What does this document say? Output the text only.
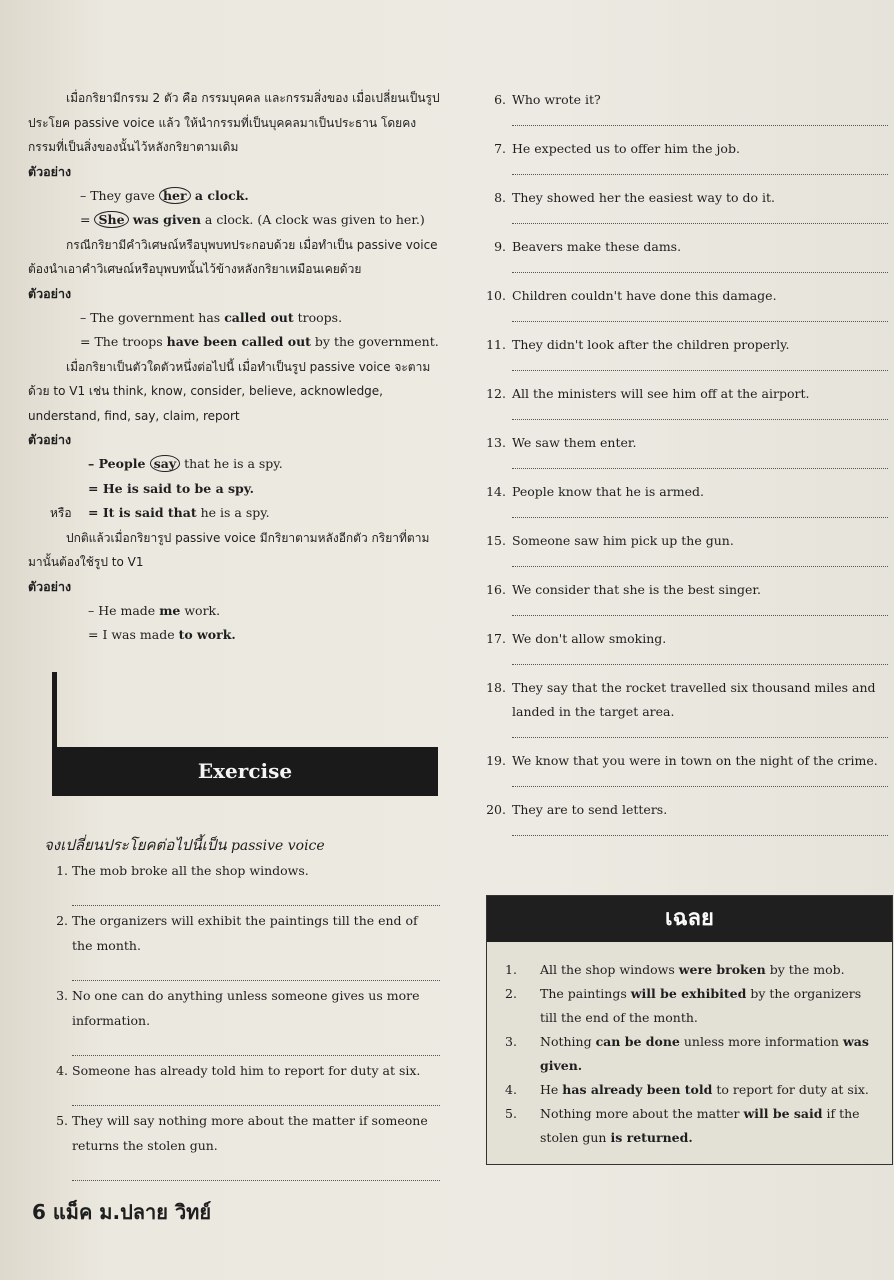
เมื่อกริยามีกรรม 2 ตัว คือ กรรมบุคคล และกรรมสิ่งของ เมื่อเปลี่ยนเป็นรูปประโยค passive voice แล้ว ให้นำกรรมที่เป็นบุคคลมาเป็นประธาน โดยคงกรรมที่เป็นสิ่งของนั้นไว้หลังกริยาตามเดิม

ตัวอย่าง

– They gave her a clock.

= She was given a clock. (A clock was given to her.)

กรณีกริยามีคำวิเศษณ์หรือบุพบทประกอบด้วย เมื่อทำเป็น passive voice ต้องนำเอาคำวิเศษณ์หรือบุพบทนั้นไว้ข้างหลังกริยาเหมือนเคยด้วย

ตัวอย่าง

– The government has called out troops.

= The troops have been called out by the government.

เมื่อกริยาเป็นตัวใดตัวหนึ่งต่อไปนี้ เมื่อทำเป็นรูป passive voice จะตามด้วย to V1 เช่น think, know, consider, believe, acknowledge, understand, find, say, claim, report

ตัวอย่าง

– People say that he is a spy.

= He is said to be a spy.

หรือ = It is said that he is a spy.

ปกติแล้วเมื่อกริยารูป passive voice มีกริยาตามหลังอีกตัว กริยาที่ตามมานั้นต้องใช้รูป to V1

ตัวอย่าง

– He made me work.

= I was made to work.

Exercise
จงเปลี่ยนประโยคต่อไปนี้เป็น passive voice
1. The mob broke all the shop windows.
2. The organizers will exhibit the paintings till the end of the month.
3. No one can do anything unless someone gives us more information.
4. Someone has already told him to report for duty at six.
5. They will say nothing more about the matter if someone returns the stolen gun.
6. Who wrote it?
7. He expected us to offer him the job.
8. They showed her the easiest way to do it.
9. Beavers make these dams.
10. Children couldn't have done this damage.
11. They didn't look after the children properly.
12. All the ministers will see him off at the airport.
13. We saw them enter.
14. People know that he is armed.
15. Someone saw him pick up the gun.
16. We consider that she is the best singer.
17. We don't allow smoking.
18. They say that the rocket travelled six thousand miles and landed in the target area.
19. We know that you were in town on the night of the crime.
20. They are to send letters.
เฉลย
1.	All the shop windows were broken by the mob.
2.	The paintings will be exhibited by the organizers till the end of the month.
3.	Nothing can be done unless more information was given.
4.	He has already been told to report for duty at six.
5.	Nothing more about the matter will be said if the stolen gun is returned.
6 แม็ค ม.ปลาย วิทย์
